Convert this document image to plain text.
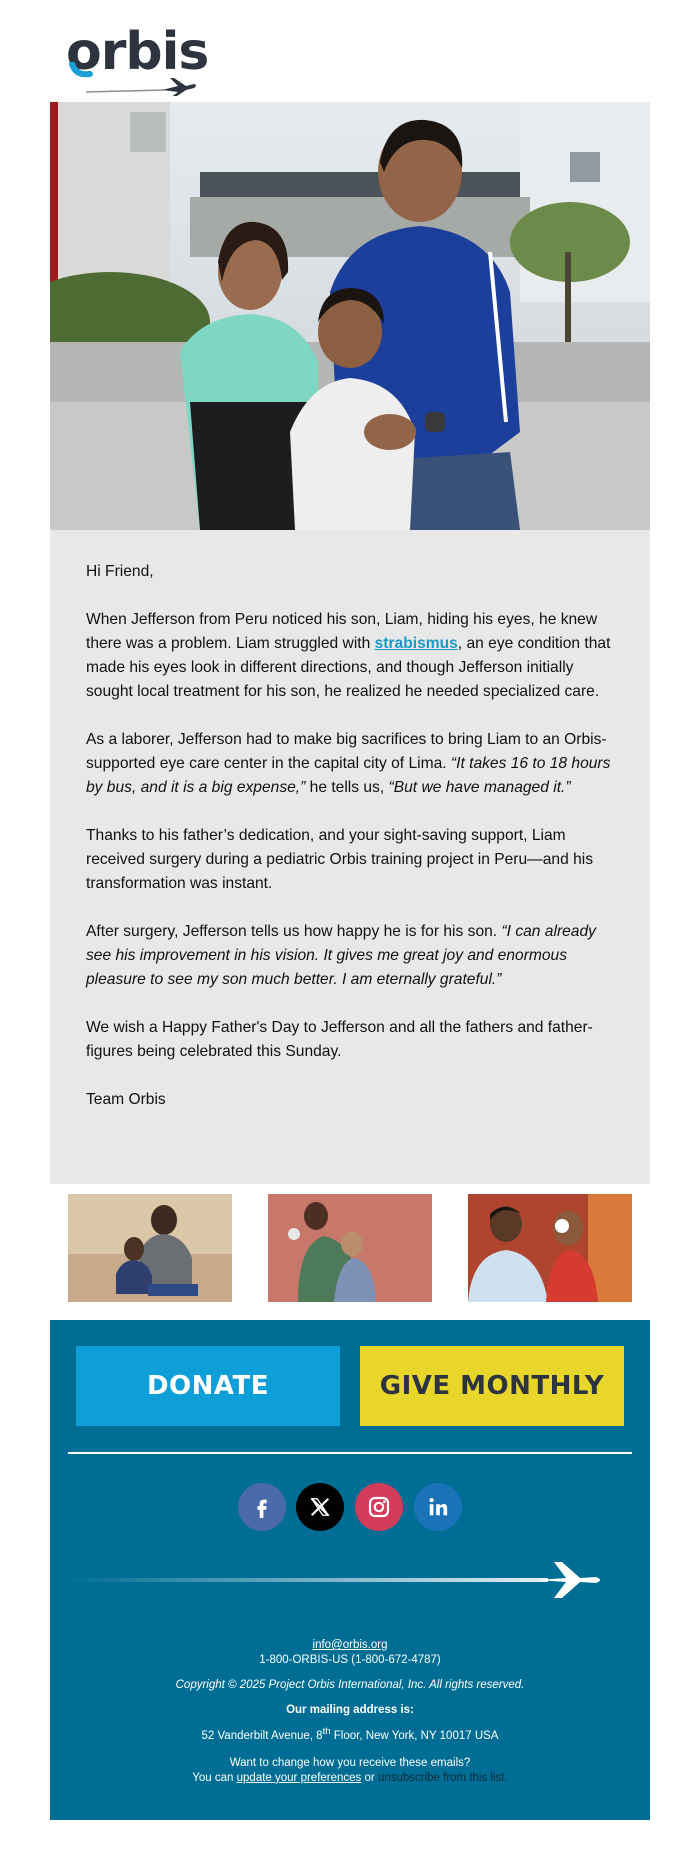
orbis

Hi Friend,

When Jefferson from Peru noticed his son, Liam, hiding his eyes, he knew there was a problem. Liam struggled with strabismus, an eye condition that made his eyes look in different directions, and though Jefferson initially sought local treatment for his son, he realized he needed specialized care.

As a laborer, Jefferson had to make big sacrifices to bring Liam to an Orbis-supported eye care center in the capital city of Lima. “It takes 16 to 18 hours by bus, and it is a big expense,” he tells us, “But we have managed it.”

Thanks to his father’s dedication, and your sight-saving support, Liam received surgery during a pediatric Orbis training project in Peru—and his transformation was instant.

After surgery, Jefferson tells us how happy he is for his son. “I can already see his improvement in his vision. It gives me great joy and enormous pleasure to see my son much better. I am eternally grateful.”

We wish a Happy Father's Day to Jefferson and all the fathers and father-figures being celebrated this Sunday.

Team Orbis

DONATE	GIVE MONTHLY
info@orbis.org
1-800-ORBIS-US (1-800-672-4787)
Copyright © 2025 Project Orbis International, Inc. All rights reserved.
Our mailing address is:
52 Vanderbilt Avenue, 8th Floor, New York, NY 10017 USA
Want to change how you receive these emails?
You can update your preferences or unsubscribe from this list.
